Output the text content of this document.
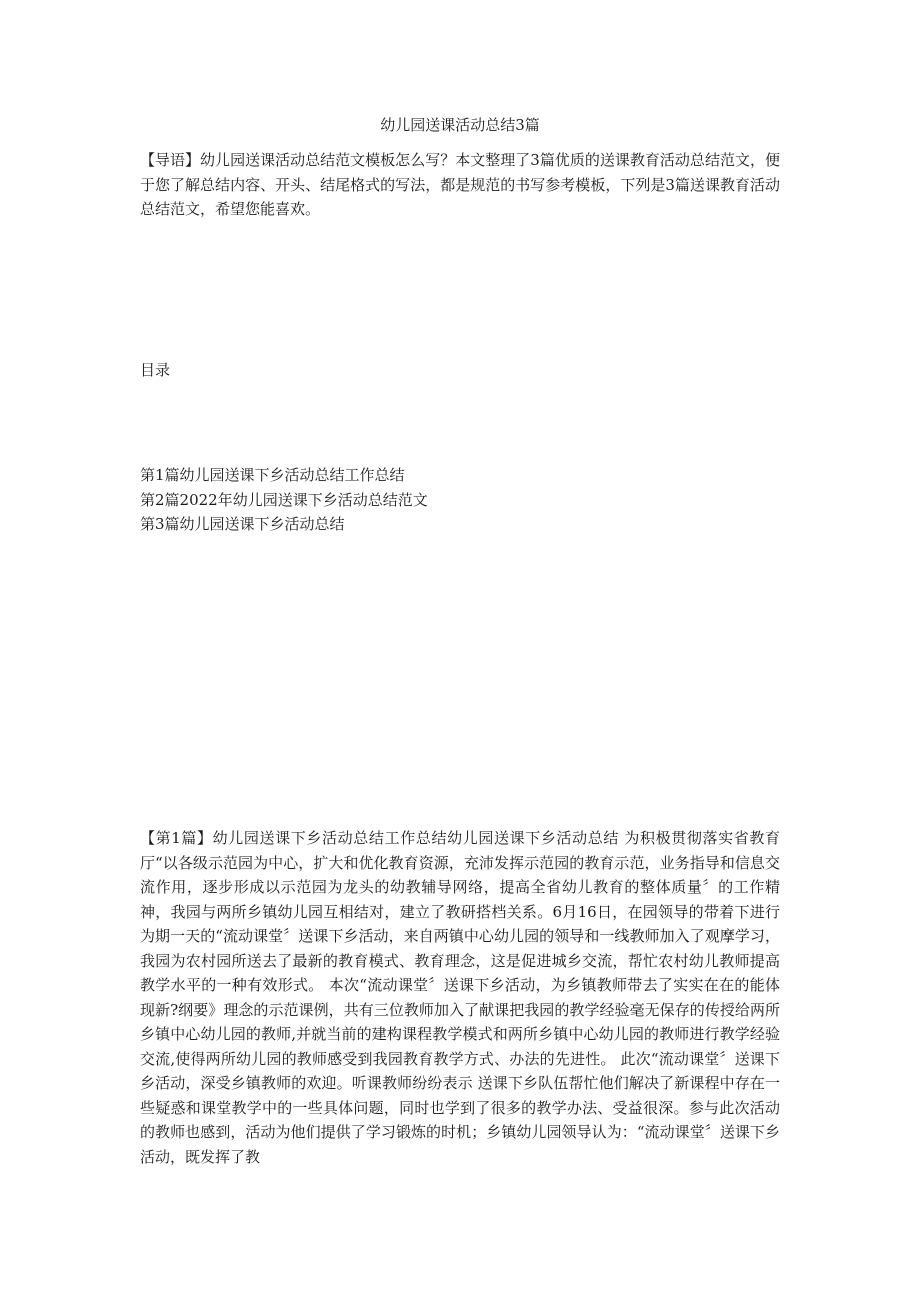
幼儿园送课活动总结3篇

【导语】幼儿园送课活动总结范文模板怎么写？本文整理了3篇优质的送课教育活动总结范文，便于您了解总结内容、开头、结尾格式的写法，都是规范的书写参考模板，下列是3篇送课教育活动总结范文，希望您能喜欢。

目录
第1篇幼儿园送课下乡活动总结工作总结
第2篇2022年幼儿园送课下乡活动总结范文
第3篇幼儿园送课下乡活动总结

【第1篇】幼儿园送课下乡活动总结工作总结幼儿园送课下乡活动总结 为积极贯彻落实省教育厅“以各级示范园为中心，扩大和优化教育资源，充沛发挥示范园的教育示范，业务指导和信息交流作用，逐步形成以示范园为龙头的幼教辅导网络，提高全省幼儿教育的整体质量〞的工作精神，我园与两所乡镇幼儿园互相结对，建立了教研搭档关系。6月16日，在园领导的带着下进行为期一天的“流动课堂〞送课下乡活动，来自两镇中心幼儿园的领导和一线教师加入了观摩学习，我园为农村园所送去了最新的教育模式、教育理念，这是促进城乡交流，帮忙农村幼儿教师提高教学水平的一种有效形式。 本次“流动课堂〞送课下乡活动，为乡镇教师带去了实实在在的能体现新?纲要》理念的示范课例，共有三位教师加入了献课把我园的教学经验毫无保存的传授给两所乡镇中心幼儿园的教师,并就当前的建构课程教学模式和两所乡镇中心幼儿园的教师进行教学经验交流,使得两所幼儿园的教师感受到我园教育教学方式、办法的先进性。 此次“流动课堂〞送课下乡活动，深受乡镇教师的欢迎。听课教师纷纷表示 送课下乡队伍帮忙他们解决了新课程中存在一些疑惑和课堂教学中的一些具体问题，同时也学到了很多的教学办法、受益很深。参与此次活动的教师也感到，活动为他们提供了学习锻炼的时机；乡镇幼儿园领导认为：“流动课堂〞送课下乡活动，既发挥了教
